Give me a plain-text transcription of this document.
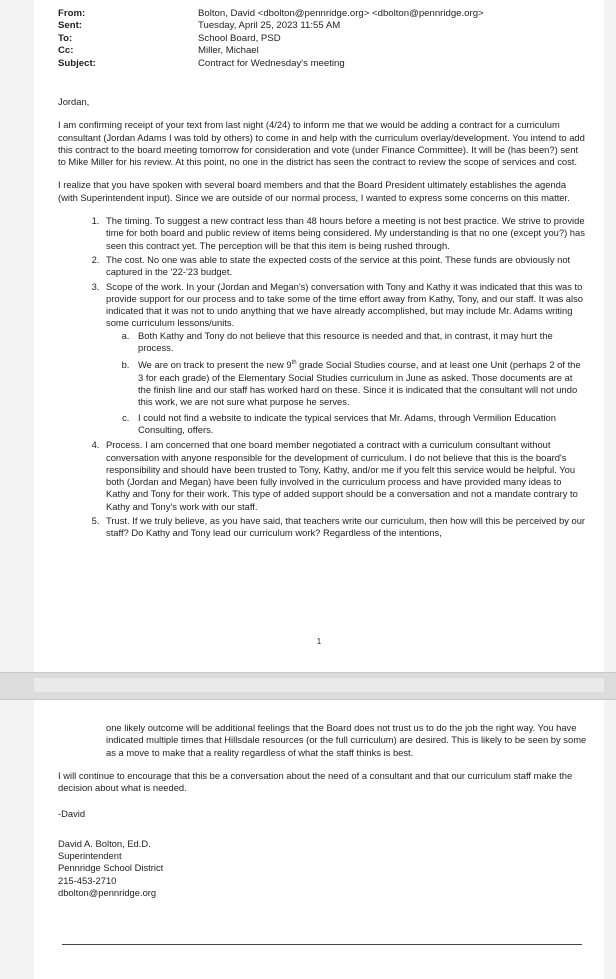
From:	Bolton, David <dbolton@pennridge.org> <dbolton@pennridge.org>
Sent:	Tuesday, April 25, 2023 11:55 AM
To:	School Board, PSD
Cc:	Miller, Michael
Subject:	Contract for Wednesday's meeting

Jordan,

I am confirming receipt of your text from last night (4/24) to inform me that we would be adding a contract for a curriculum consultant (Jordan Adams I was told by others) to come in and help with the curriculum overlay/development. You intend to add this contract to the board meeting tomorrow for consideration and vote (under Finance Committee). It will be (has been?) sent to Mike Miller for his review. At this point, no one in the district has seen the contract to review the scope of services and cost.

I realize that you have spoken with several board members and that the Board President ultimately establishes the agenda (with Superintendent input). Since we are outside of our normal process, I wanted to express some concerns on this matter.

1. The timing. To suggest a new contract less than 48 hours before a meeting is not best practice. We strive to provide time for both board and public review of items being considered. My understanding is that no one (except you?) has seen this contract yet. The perception will be that this item is being rushed through.
2. The cost. No one was able to state the expected costs of the service at this point. These funds are obviously not captured in the '22-'23 budget.
3. Scope of the work. In your (Jordan and Megan's) conversation with Tony and Kathy it was indicated that this was to provide support for our process and to take some of the time effort away from Kathy, Tony, and our staff. It was also indicated that it was not to undo anything that we have already accomplished, but may include Mr. Adams writing some curriculum lessons/units.
a. Both Kathy and Tony do not believe that this resource is needed and that, in contrast, it may hurt the process.
b. We are on track to present the new 9th grade Social Studies course, and at least one Unit (perhaps 2 of the 3 for each grade) of the Elementary Social Studies curriculum in June as asked. Those documents are at the finish line and our staff has worked hard on these. Since it is indicated that the consultant will not undo this work, we are not sure what purpose he serves.
c. I could not find a website to indicate the typical services that Mr. Adams, through Vermilion Education Consulting, offers.
4. Process. I am concerned that one board member negotiated a contract with a curriculum consultant without conversation with anyone responsible for the development of curriculum. I do not believe that this is the board's responsibility and should have been trusted to Tony, Kathy, and/or me if you felt this service would be helpful. You both (Jordan and Megan) have been fully involved in the curriculum process and have provided many ideas to Kathy and Tony for their work. This type of added support should be a conversation and not a mandate contrary to Kathy and Tony's work with our staff.
5. Trust. If we truly believe, as you have said, that teachers write our curriculum, then how will this be perceived by our staff? Do Kathy and Tony lead our curriculum work? Regardless of the intentions,
1
one likely outcome will be additional feelings that the Board does not trust us to do the job the right way. You have indicated multiple times that Hillsdale resources (or the full curriculum) are desired. This is likely to be seen by some as a move to make that a reality regardless of what the staff thinks is best.

I will continue to encourage that this be a conversation about the need of a consultant and that our curriculum staff make the decision about what is needed.

-David

David A. Bolton, Ed.D.
Superintendent
Pennridge School District
215-453-2710
dbolton@pennridge.org
